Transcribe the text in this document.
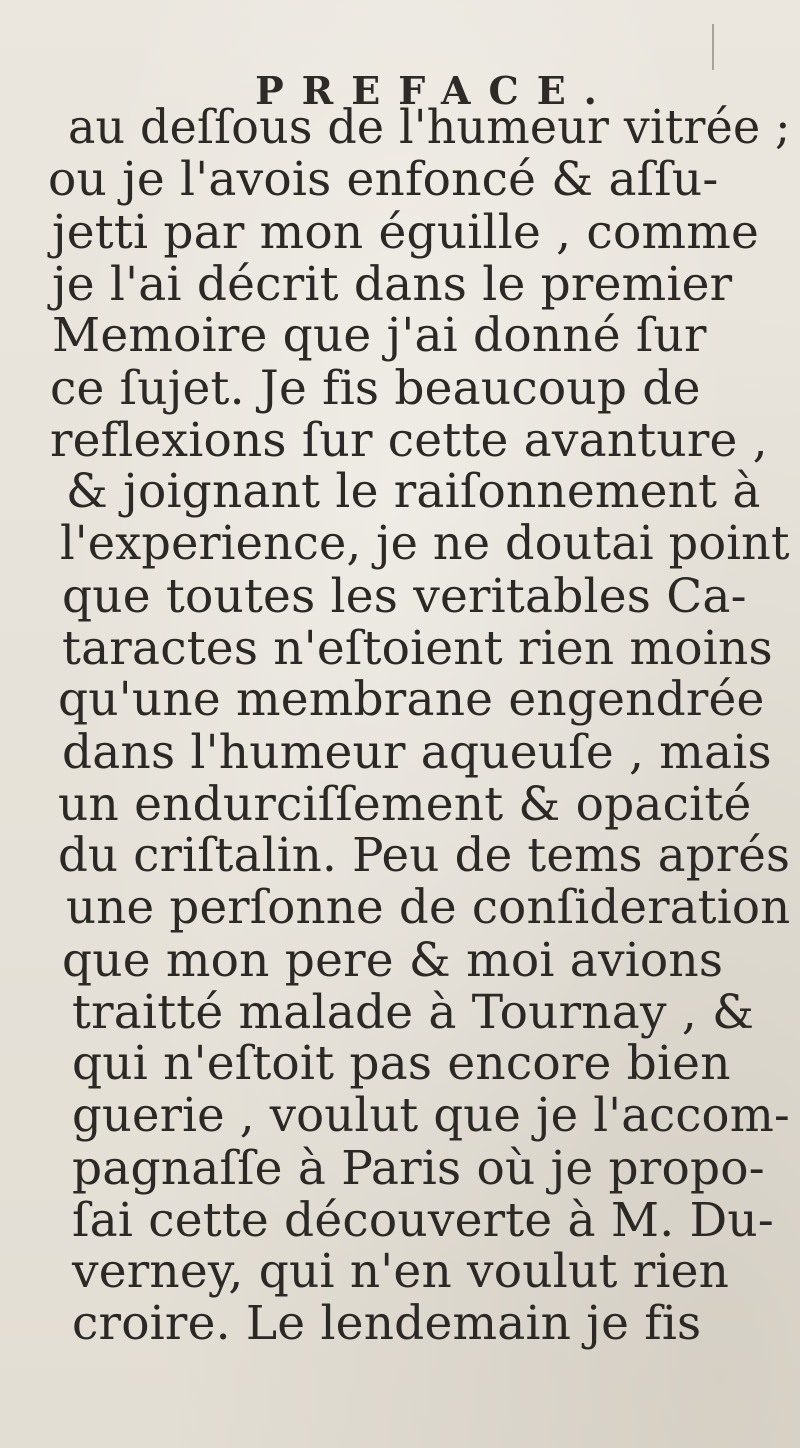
PREFACE.
au deſſous de l'humeur vitrée ;
ou je l'avois enfoncé & aſſu-
jetti par mon éguille , comme
je l'ai décrit dans le premier
Memoire que j'ai donné ſur
ce ſujet. Je fis beaucoup de
reflexions ſur cette avanture ,
& joignant le raiſonnement à
l'experience, je ne doutai point
que toutes les veritables Ca-
taractes n'eſtoient rien moins
qu'une membrane engendrée
dans l'humeur aqueuſe , mais
un endurciſſement & opacité
du criſtalin. Peu de tems aprés
une perſonne de conſideration
que mon pere & moi avions
traitté malade à Tournay , &
qui n'eſtoit pas encore bien
guerie , voulut que je l'accom-
pagnaſſe à Paris où je propo-
ſai cette découverte à M. Du-
verney, qui n'en voulut rien
croire. Le lendemain je fis
